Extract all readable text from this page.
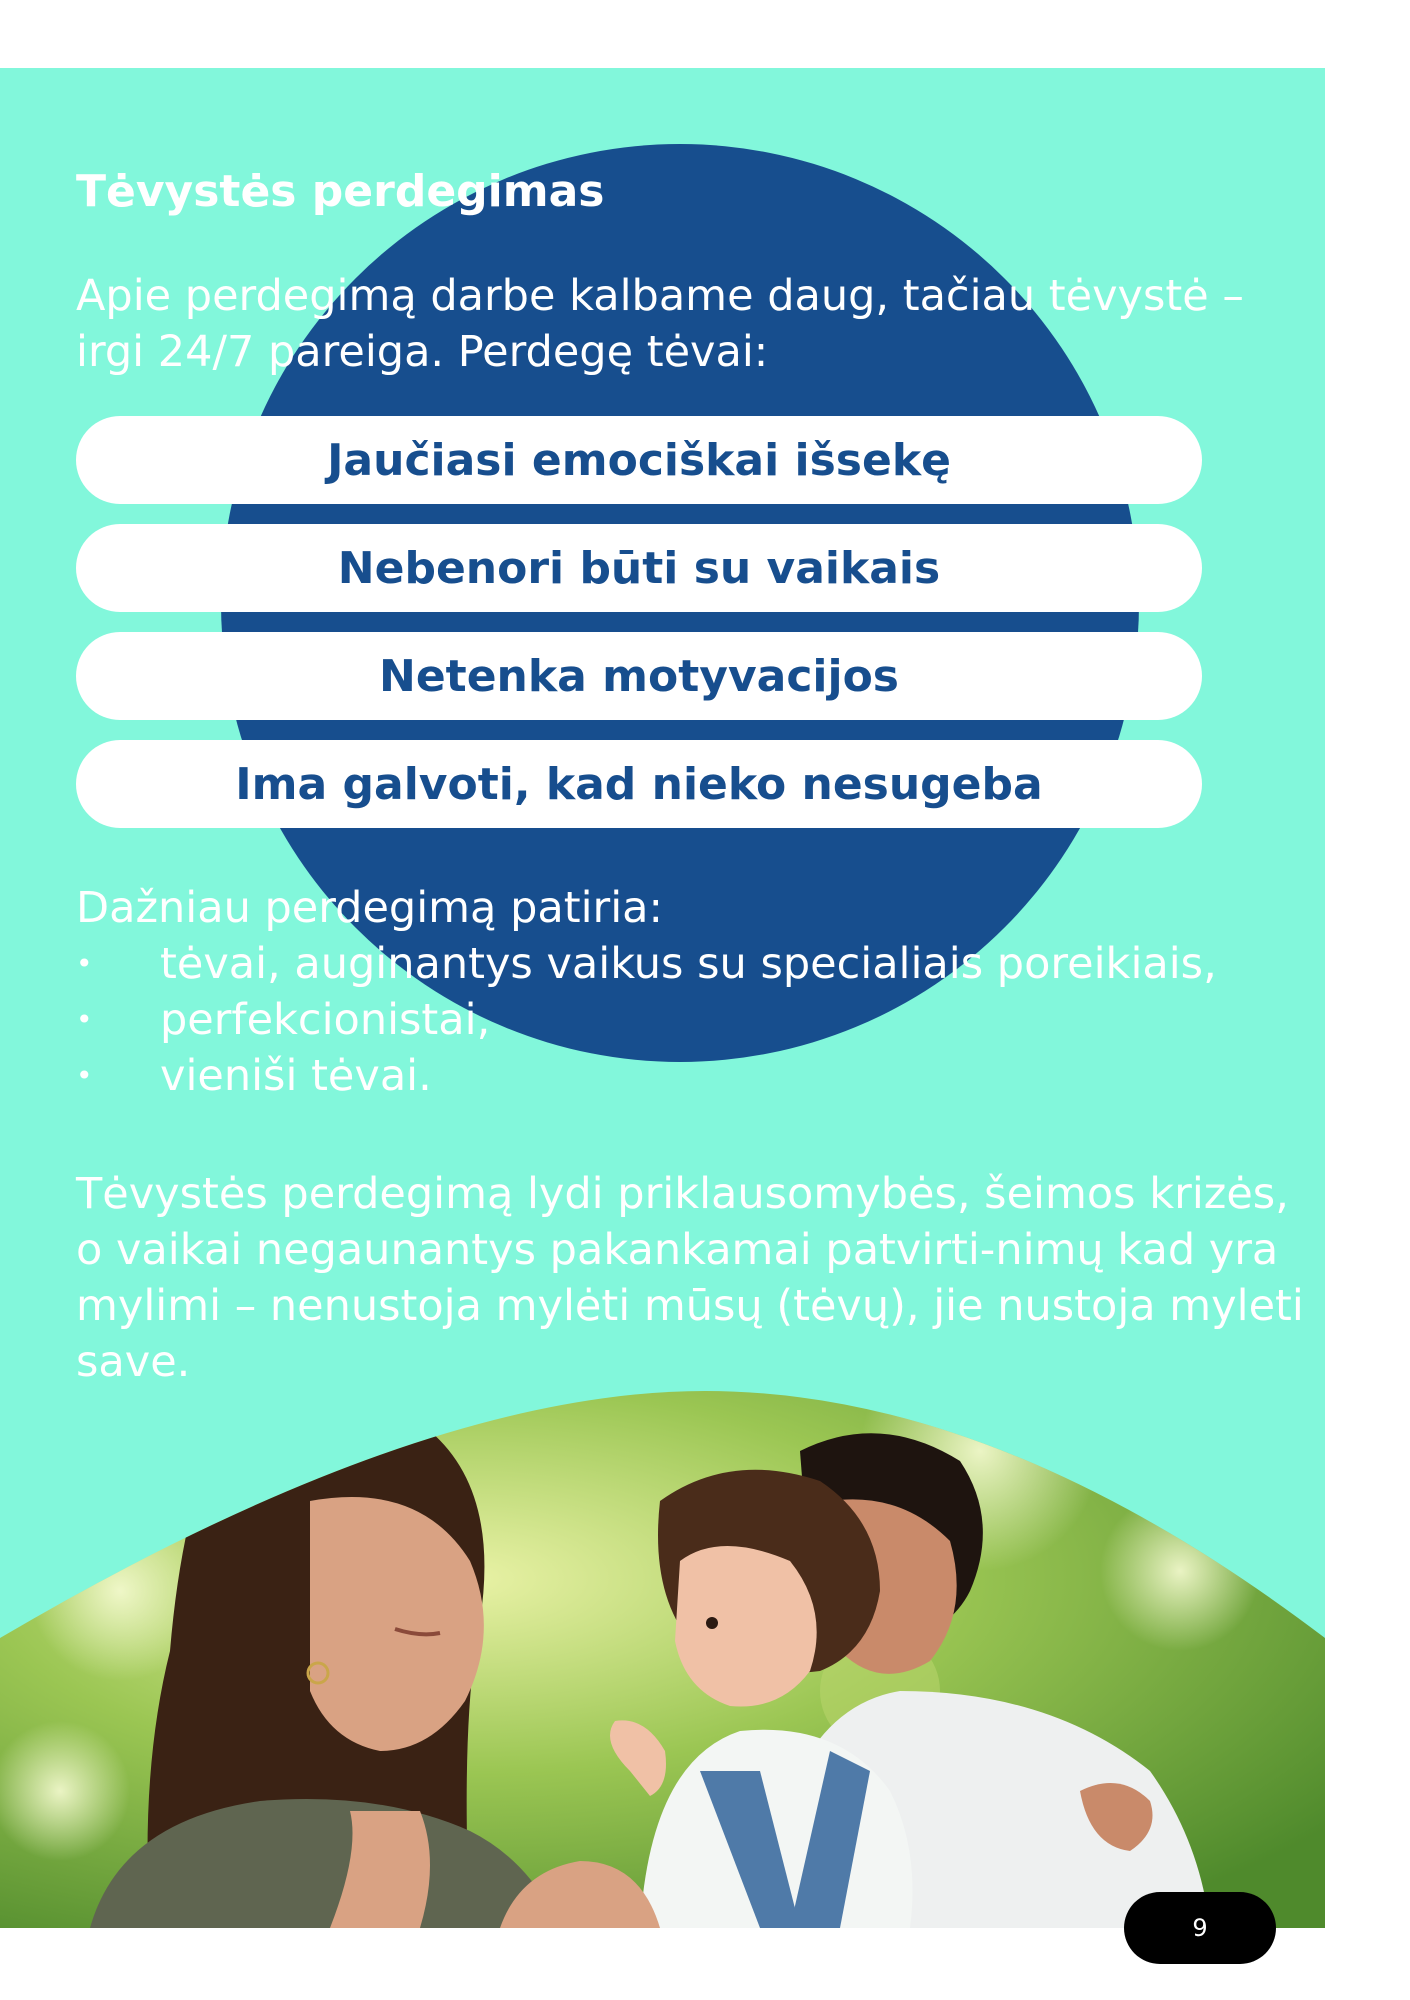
Tėvystės perdegimas

Apie perdegimą darbe kalbame daug, tačiau tėvystė – irgi 24/7 pareiga. Perdegę tėvai:

Jaučiasi emociškai išsekę
Nebenori būti su vaikais
Netenka motyvacijos
Ima galvoti, kad nieko nesugeba

Dažniau perdegimą patiria:

• tėvai, auginantys vaikus su specialiais poreikiais,
• perfekcionistai,
• vieniši tėvai.

Tėvystės perdegimą lydi priklausomybės, šeimos krizės, o vaikai negaunantys pakankamai patvirti-nimų kad yra mylimi – nenustoja mylėti mūsų (tėvų), jie nustoja myleti save.

9
